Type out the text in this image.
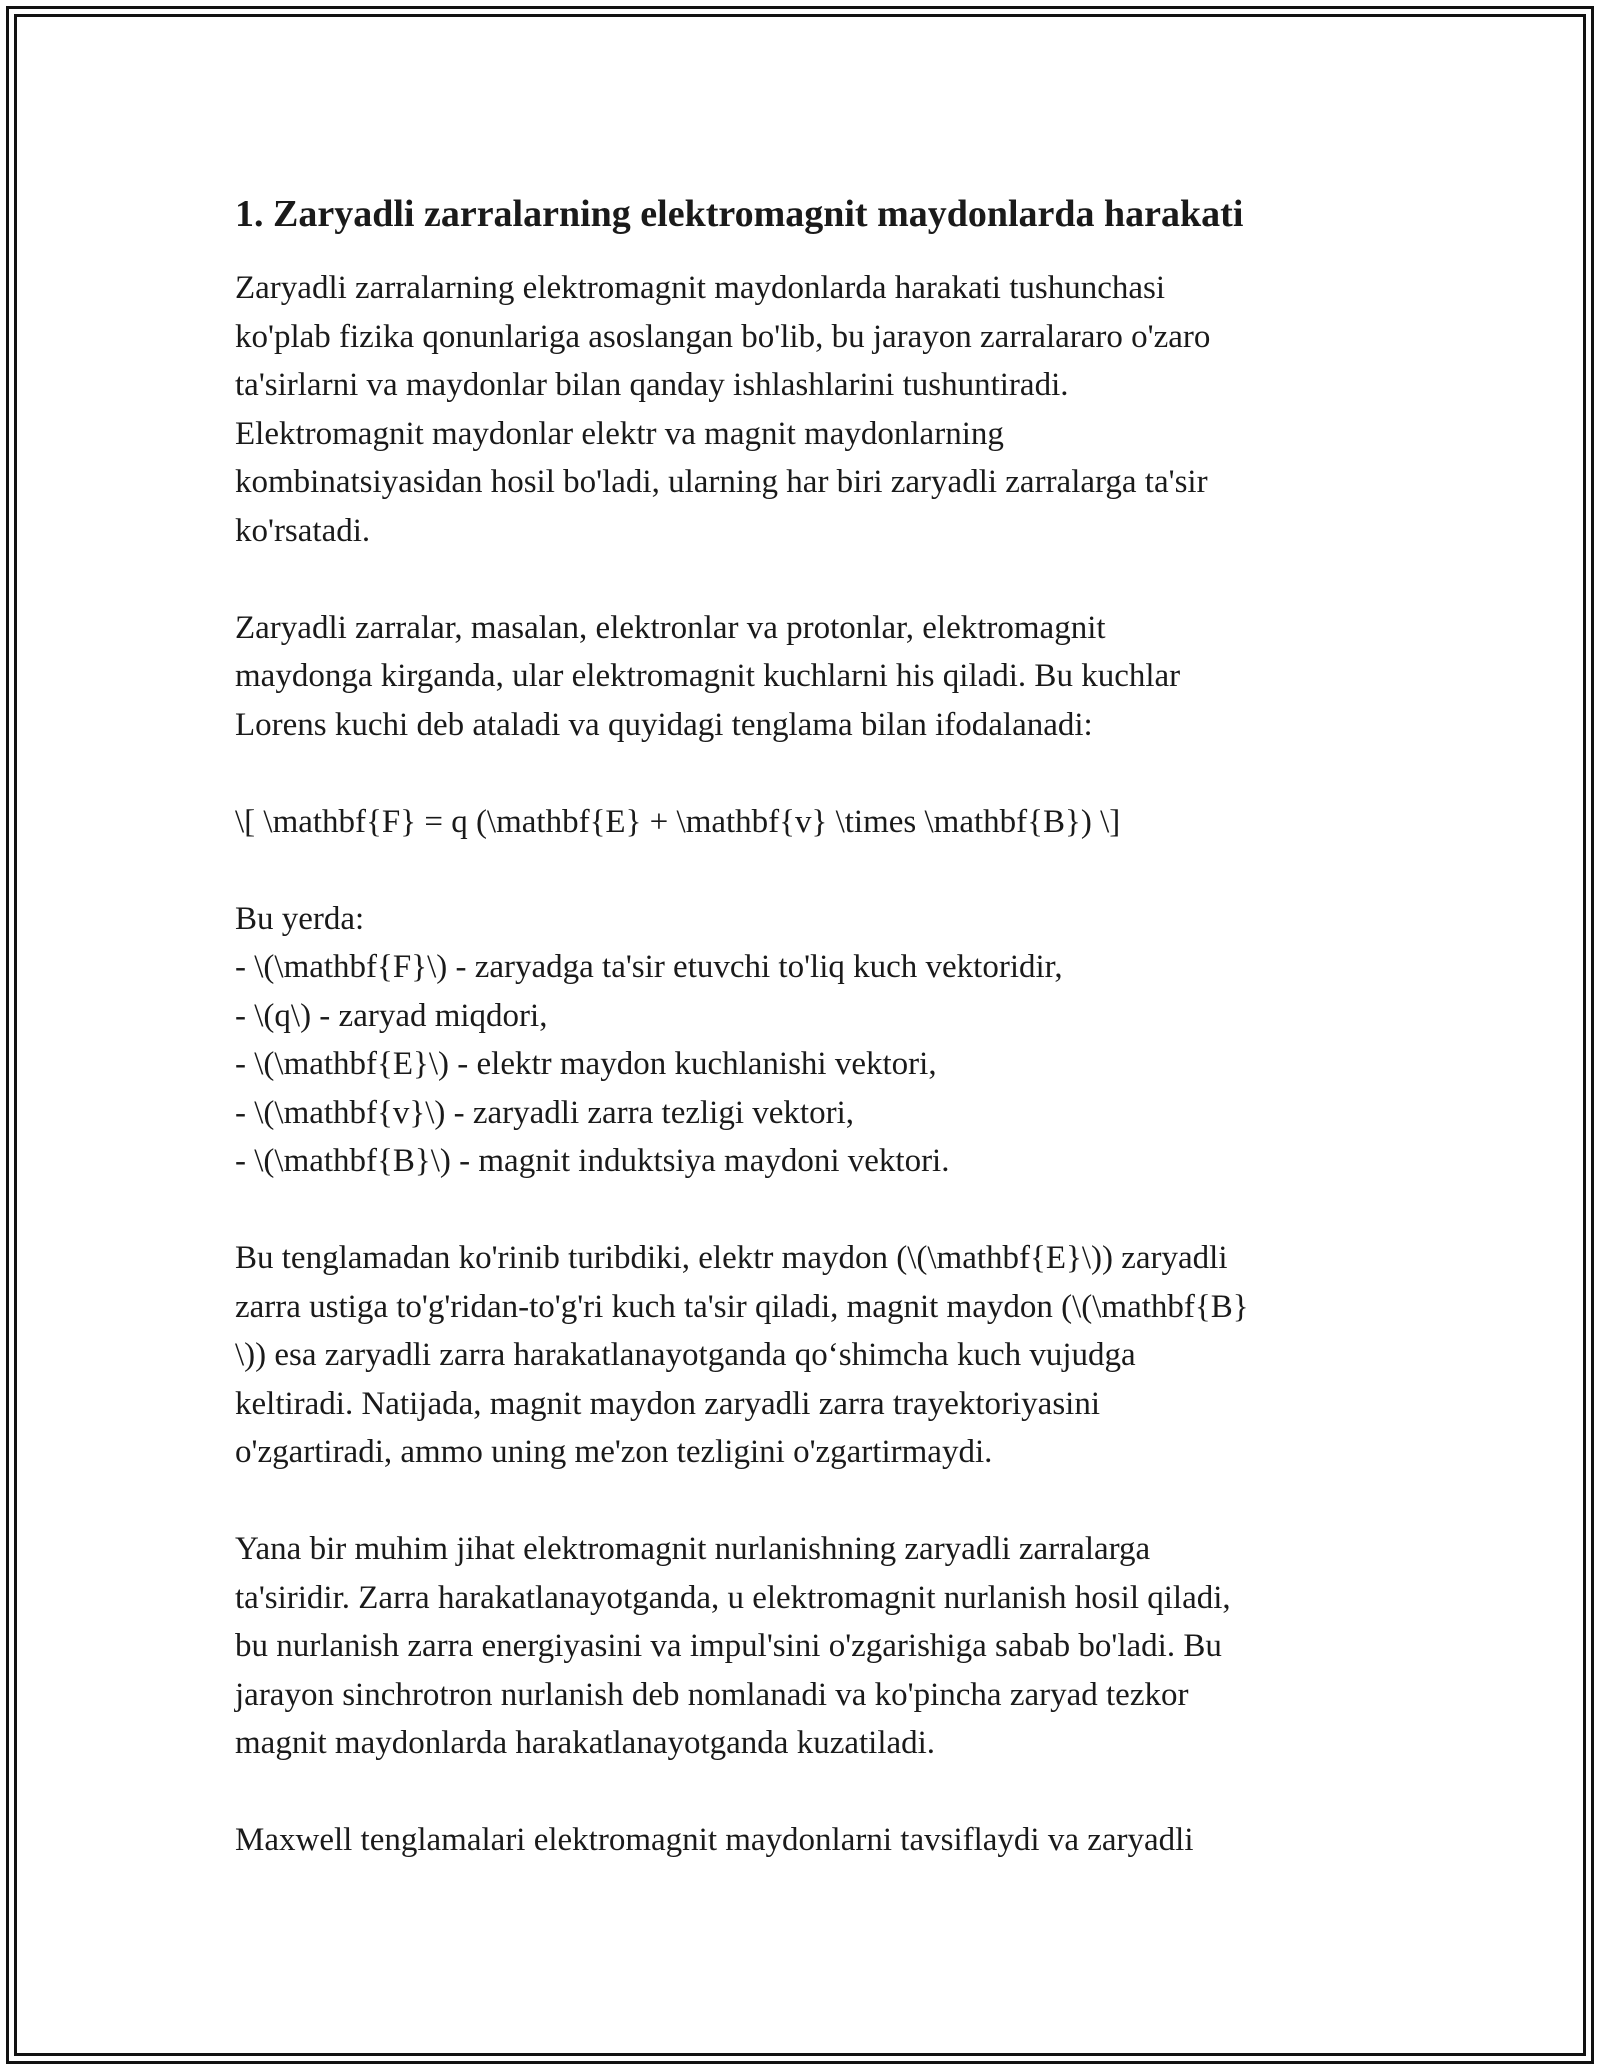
1. Zaryadli zarralarning elektromagnit maydonlarda harakati

Zaryadli zarralarning elektromagnit maydonlarda harakati tushunchasi

ko'plab fizika qonunlariga asoslangan bo'lib, bu jarayon zarralararo o'zaro

ta'sirlarni va maydonlar bilan qanday ishlashlarini tushuntiradi.

Elektromagnit maydonlar elektr va magnit maydonlarning

kombinatsiyasidan hosil bo'ladi, ularning har biri zaryadli zarralarga ta'sir

ko'rsatadi.

Zaryadli zarralar, masalan, elektronlar va protonlar, elektromagnit

maydonga kirganda, ular elektromagnit kuchlarni his qiladi. Bu kuchlar

Lorens kuchi deb ataladi va quyidagi tenglama bilan ifodalanadi:

\[ \mathbf{F} = q (\mathbf{E} + \mathbf{v} \times \mathbf{B}) \]

Bu yerda:

- \(\mathbf{F}\) - zaryadga ta'sir etuvchi to'liq kuch vektoridir,

- \(q\) - zaryad miqdori,

- \(\mathbf{E}\) - elektr maydon kuchlanishi vektori,

- \(\mathbf{v}\) - zaryadli zarra tezligi vektori,

- \(\mathbf{B}\) - magnit induktsiya maydoni vektori.

Bu tenglamadan ko'rinib turibdiki, elektr maydon (\(\mathbf{E}\)) zaryadli

zarra ustiga to'g'ridan-to'g'ri kuch ta'sir qiladi, magnit maydon (\(\mathbf{B}

\)) esa zaryadli zarra harakatlanayotganda qo‘shimcha kuch vujudga

keltiradi. Natijada, magnit maydon zaryadli zarra trayektoriyasini

o'zgartiradi, ammo uning me'zon tezligini o'zgartirmaydi.

Yana bir muhim jihat elektromagnit nurlanishning zaryadli zarralarga

ta'siridir. Zarra harakatlanayotganda, u elektromagnit nurlanish hosil qiladi,

bu nurlanish zarra energiyasini va impul'sini o'zgarishiga sabab bo'ladi. Bu

jarayon sinchrotron nurlanish deb nomlanadi va ko'pincha zaryad tezkor

magnit maydonlarda harakatlanayotganda kuzatiladi.

Maxwell tenglamalari elektromagnit maydonlarni tavsiflaydi va zaryadli
